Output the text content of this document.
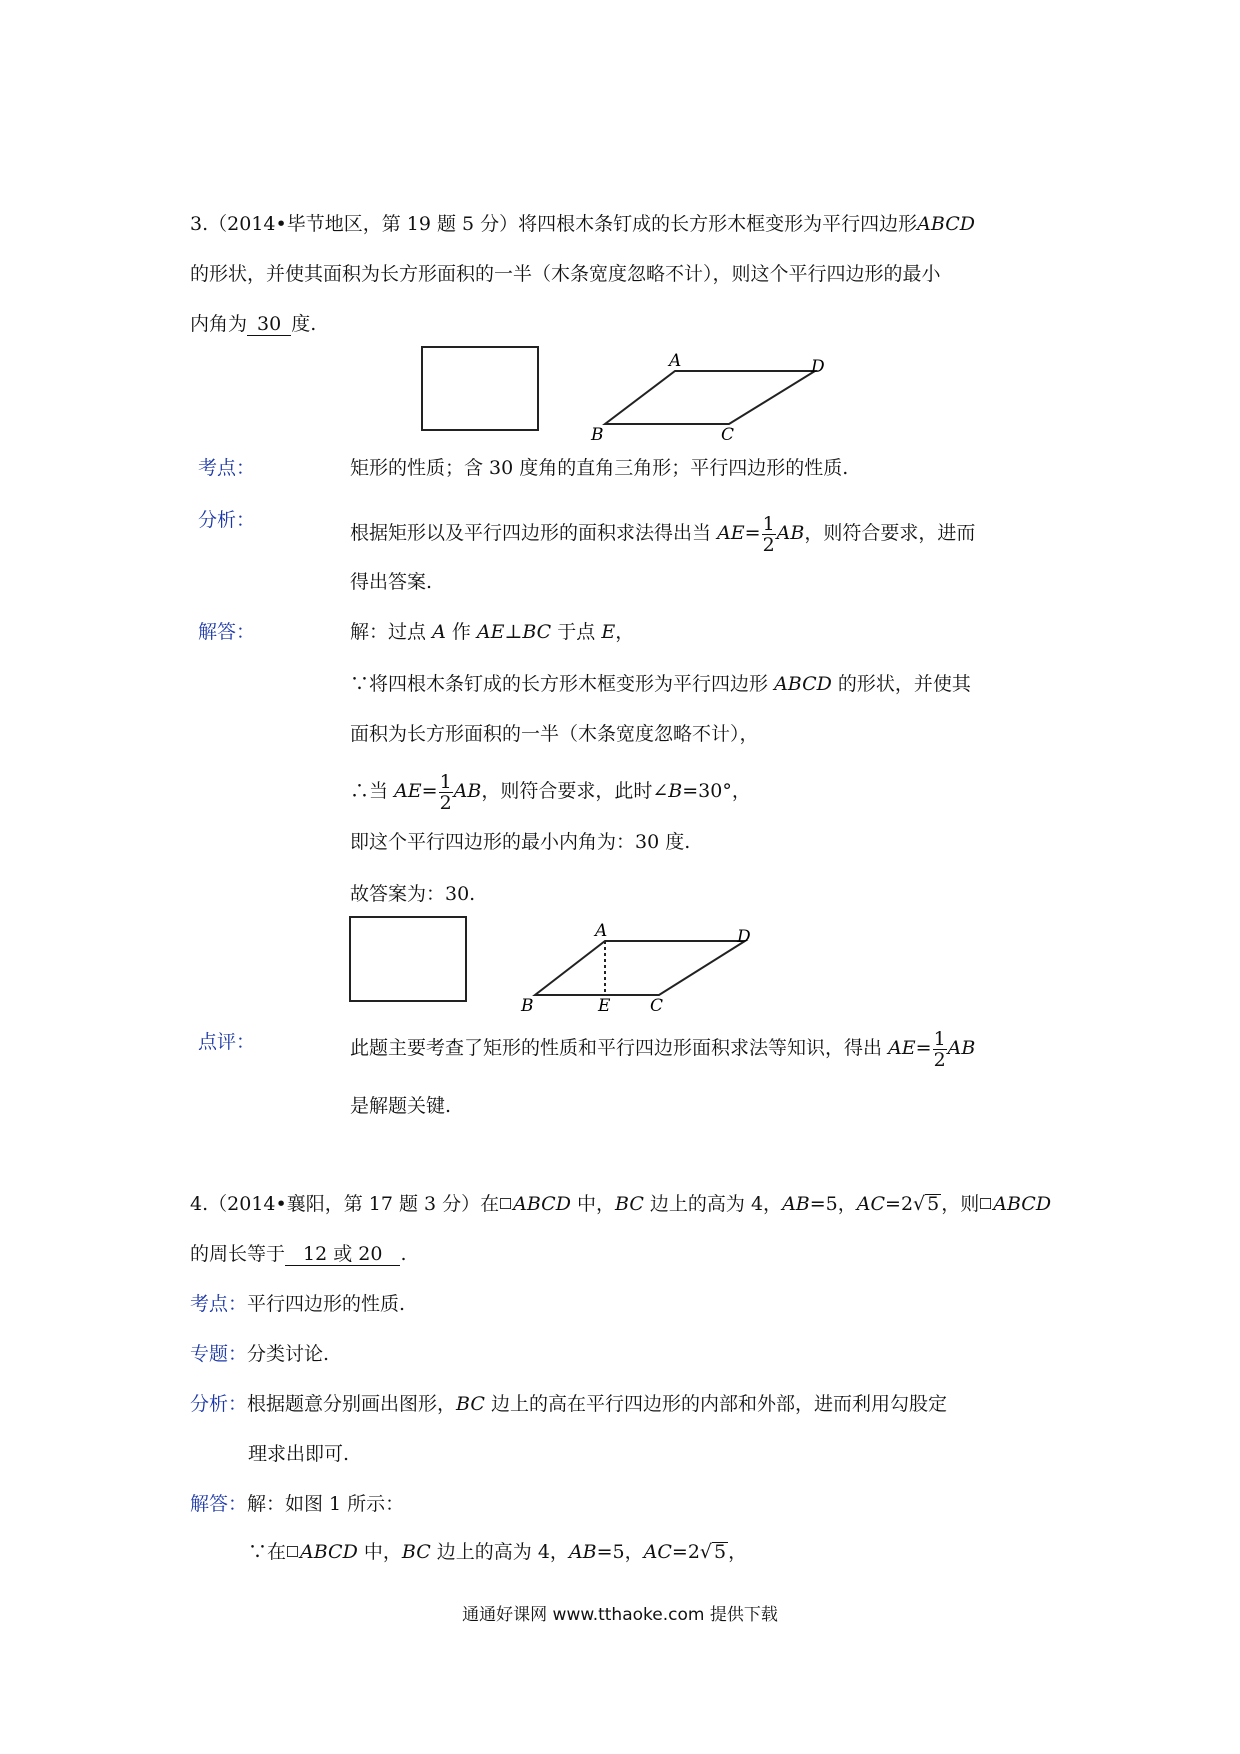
3.（2014•毕节地区，第 19 题 5 分）将四根木条钉成的长方形木框变形为平行四边形ABCD
的形状，并使其面积为长方形面积的一半（木条宽度忽略不计），则这个平行四边形的最小
内角为 30 度.
A	D
B	C
考点：	矩形的性质；含 30 度角的直角三角形；平行四边形的性质.
分析：
根据矩形以及平行四边形的面积求法得出当 $AE= \frac{1}{2}$ AB，则符合要求，进而
得出答案.
解答：	解：过点 A 作 AE⊥BC 于点 E，
∵将四根木条钉成的长方形木框变形为平行四边形 ABCD 的形状，并使其
面积为长方形面积的一半（木条宽度忽略不计），
∴当 $AE= \frac{1}{2}$ AB，则符合要求，此时∠B=30°，
即这个平行四边形的最小内角为：30 度.
故答案为：30.
A	D
B	E C
点评：	此题主要考查了矩形的性质和平行四边形面积求法等知识，得出 $AE= \frac{1}{2}$ AB
是解题关键.
4.（2014•襄阳，第 17 题 3 分）在 ABCD 中，BC 边上的高为 4，AB=5，AC=2√ 5 ，则 ABCD
的周长等于 12 或 20 .
考点：平行四边形的性质.
专题：分类讨论.
分析：根据题意分别画出图形，BC 边上的高在平行四边形的内部和外部，进而利用勾股定
理求出即可.
解答：解：如图 1 所示：
∵在 ABCD 中，BC 边上的高为 4，AB=5，AC=2√ 5 ，
通通好课网 www.tthaoke.com 提供下载
